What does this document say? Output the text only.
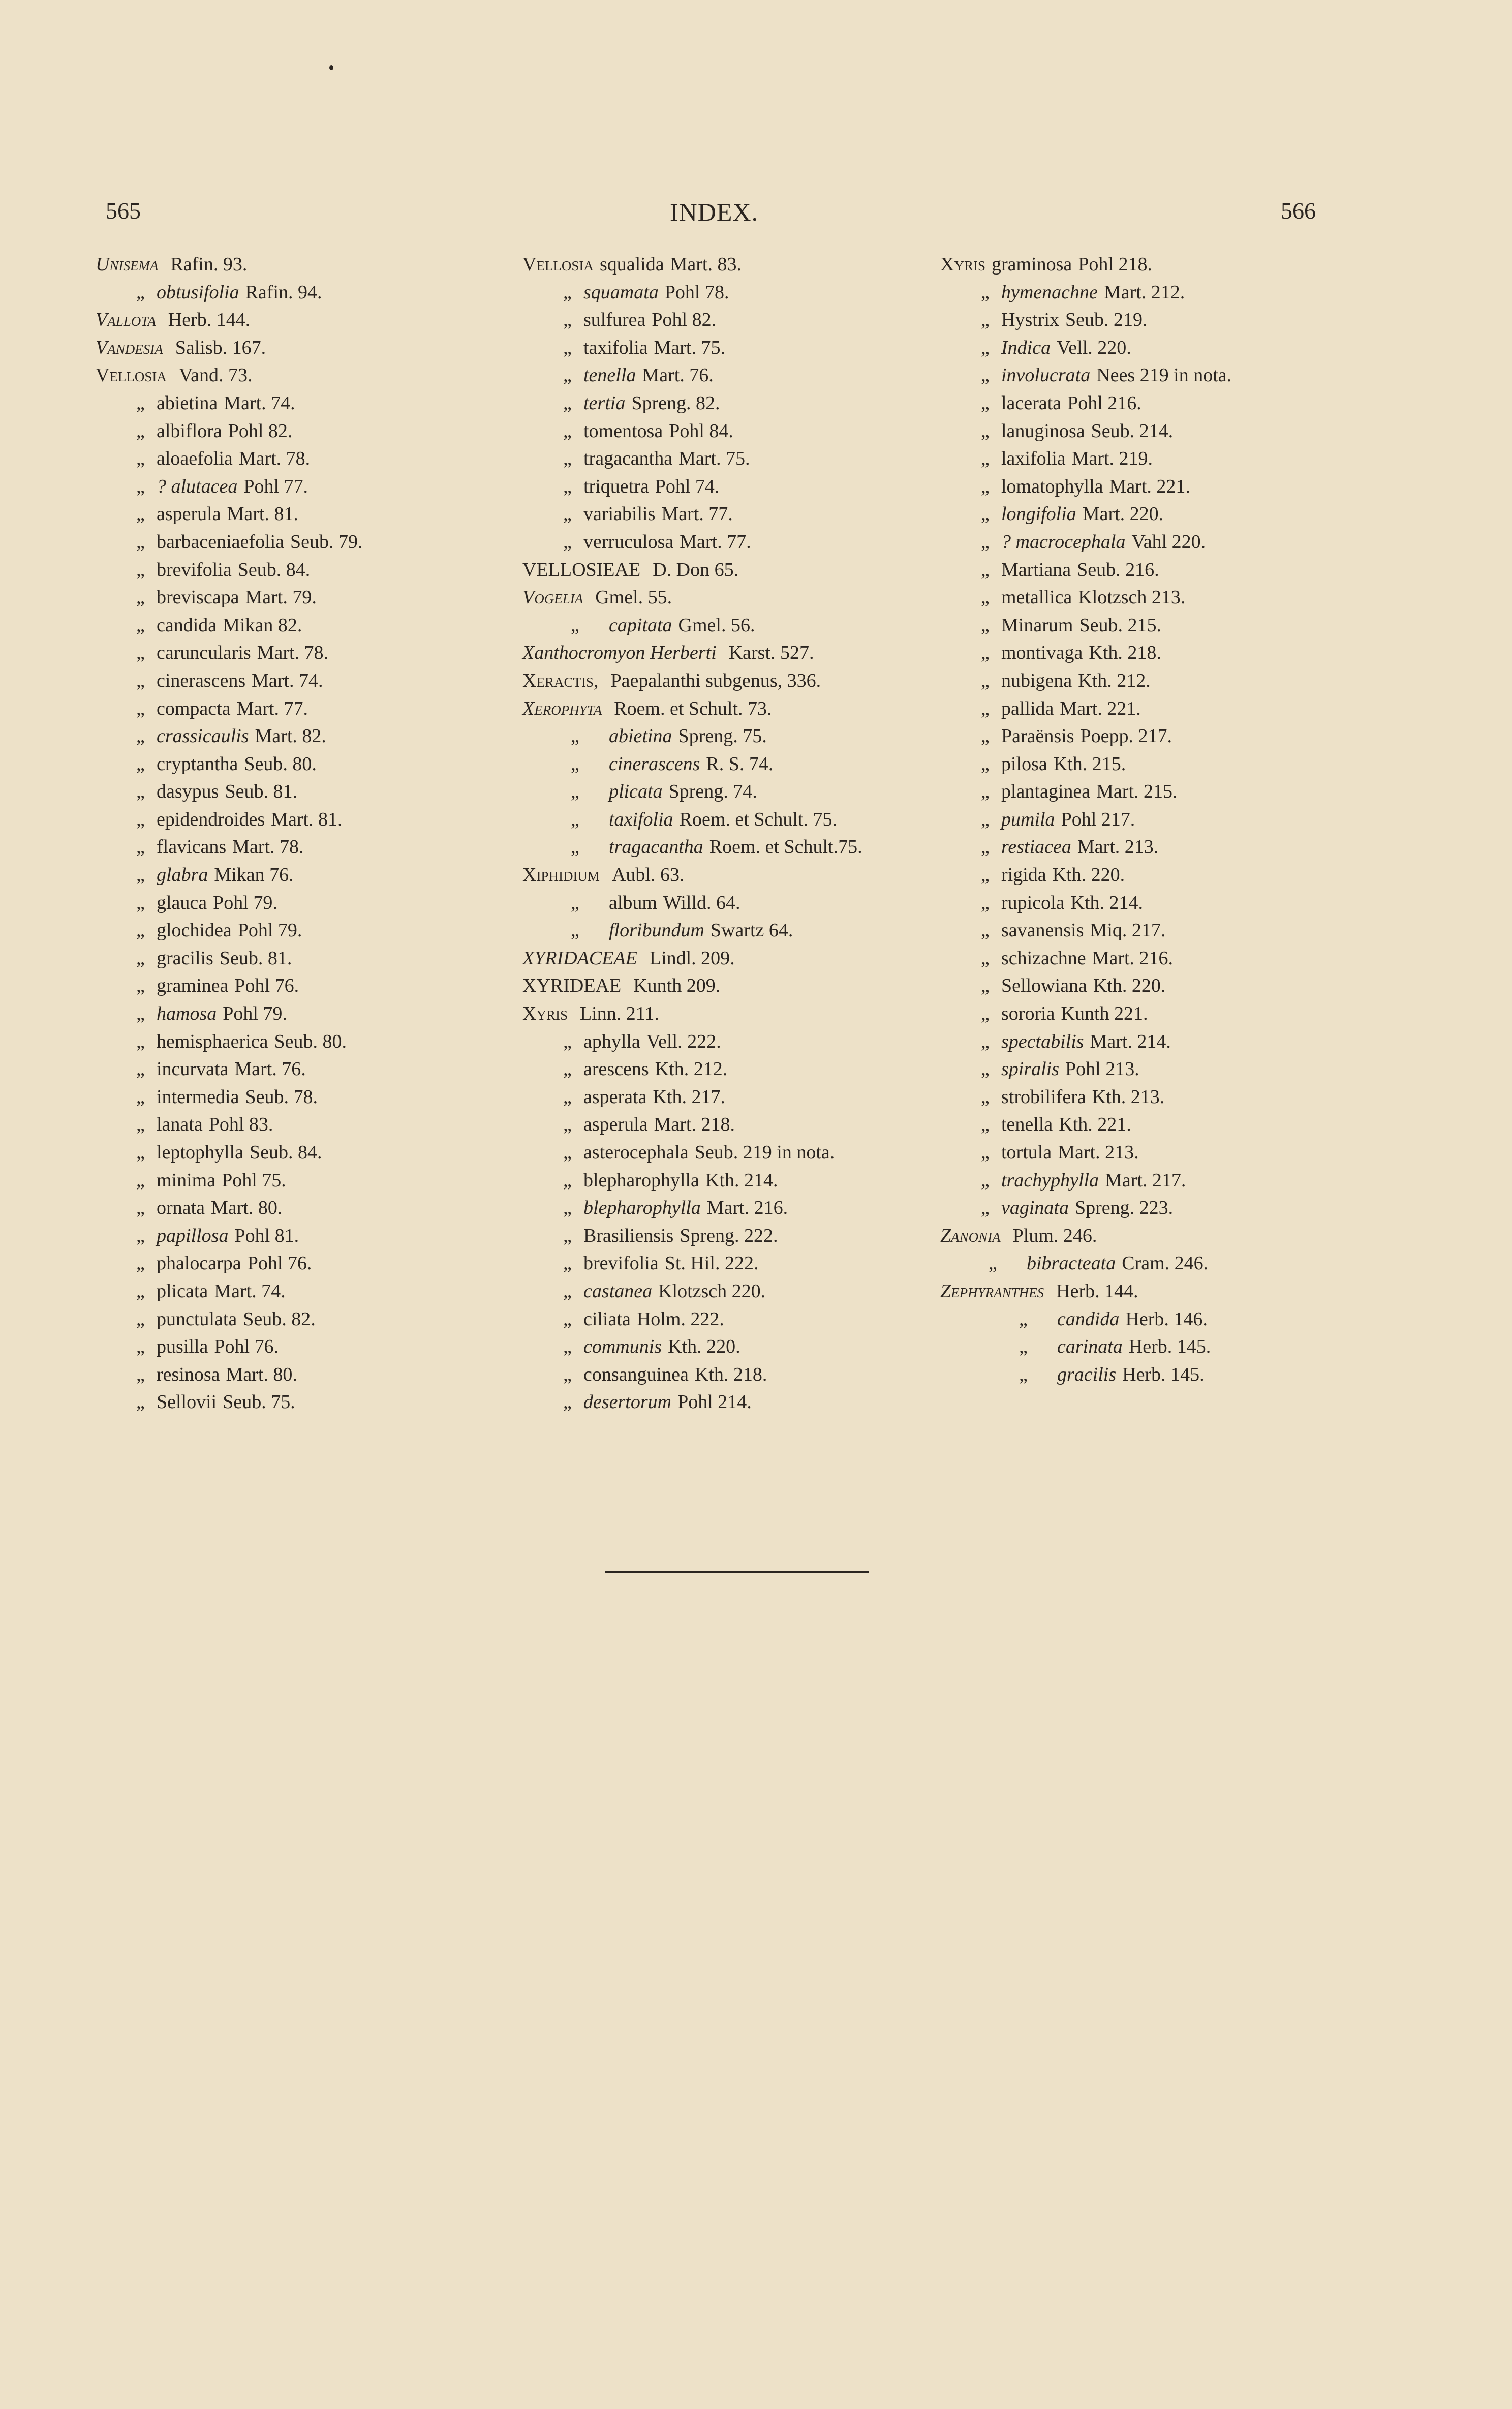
565	INDEX.	566
Unisema Rafin. 93.
„ obtusifolia Rafin. 94.
Vallota Herb. 144.
Vandesia Salisb. 167.
Vellosia Vand. 73.
„ abietina Mart. 74.
„ albiflora Pohl 82.
„ aloaefolia Mart. 78.
„ ? alutacea Pohl 77.
„ asperula Mart. 81.
„ barbaceniaefolia Seub. 79.
„ brevifolia Seub. 84.
„ breviscapa Mart. 79.
„ candida Mikan 82.
„ caruncularis Mart. 78.
„ cinerascens Mart. 74.
„ compacta Mart. 77.
„ crassicaulis Mart. 82.
„ cryptantha Seub. 80.
„ dasypus Seub. 81.
„ epidendroides Mart. 81.
„ flavicans Mart. 78.
„ glabra Mikan 76.
„ glauca Pohl 79.
„ glochidea Pohl 79.
„ gracilis Seub. 81.
„ graminea Pohl 76.
„ hamosa Pohl 79.
„ hemisphaerica Seub. 80.
„ incurvata Mart. 76.
„ intermedia Seub. 78.
„ lanata Pohl 83.
„ leptophylla Seub. 84.
„ minima Pohl 75.
„ ornata Mart. 80.
„ papillosa Pohl 81.
„ phalocarpa Pohl 76.
„ plicata Mart. 74.
„ punctulata Seub. 82.
„ pusilla Pohl 76.
„ resinosa Mart. 80.
„ Sellovii Seub. 75.
Vellosia squalida Mart. 83.
„ squamata Pohl 78.
„ sulfurea Pohl 82.
„ taxifolia Mart. 75.
„ tenella Mart. 76.
„ tertia Spreng. 82.
„ tomentosa Pohl 84.
„ tragacantha Mart. 75.
„ triquetra Pohl 74.
„ variabilis Mart. 77.
„ verruculosa Mart. 77.
VELLOSIEAE D. Don 65.
Vogelia Gmel. 55.
„	capitata Gmel. 56.
Xanthocromyon Herberti Karst. 527.
Xeractis, Paepalanthi subgenus, 336.
Xerophyta Roem. et Schult. 73.
„	abietina Spreng. 75.
„	cinerascens R. S. 74.
„	plicata Spreng. 74.
„	taxifolia Roem. et Schult. 75.
„	tragacantha Roem. et Schult.75.
Xiphidium Aubl. 63.
„	album Willd. 64.
„	floribundum Swartz 64.
XYRIDACEAE Lindl. 209.
XYRIDEAE Kunth 209.
Xyris Linn. 211.
„ aphylla Vell. 222.
„ arescens Kth. 212.
„ asperata Kth. 217.
„ asperula Mart. 218.
„ asterocephala Seub. 219 in nota.
„ blepharophylla Kth. 214.
„ blepharophylla Mart. 216.
„ Brasiliensis Spreng. 222.
„ brevifolia St. Hil. 222.
„ castanea Klotzsch 220.
„ ciliata Holm. 222.
„ communis Kth. 220.
„ consanguinea Kth. 218.
„ desertorum Pohl 214.
Xyris graminosa Pohl 218.
„ hymenachne Mart. 212.
„ Hystrix Seub. 219.
„ Indica Vell. 220.
„ involucrata Nees 219 in nota.
„ lacerata Pohl 216.
„ lanuginosa Seub. 214.
„ laxifolia Mart. 219.
„ lomatophylla Mart. 221.
„ longifolia Mart. 220.
„ ? macrocephala Vahl 220.
„ Martiana Seub. 216.
„ metallica Klotzsch 213.
„ Minarum Seub. 215.
„ montivaga Kth. 218.
„ nubigena Kth. 212.
„ pallida Mart. 221.
„ Paraënsis Poepp. 217.
„ pilosa Kth. 215.
„ plantaginea Mart. 215.
„ pumila Pohl 217.
„ restiacea Mart. 213.
„ rigida Kth. 220.
„ rupicola Kth. 214.
„ savanensis Miq. 217.
„ schizachne Mart. 216.
„ Sellowiana Kth. 220.
„ sororia Kunth 221.
„ spectabilis Mart. 214.
„ spiralis Pohl 213.
„ strobilifera Kth. 213.
„ tenella Kth. 221.
„ tortula Mart. 213.
„ trachyphylla Mart. 217.
„ vaginata Spreng. 223.
Zanonia Plum. 246.
„	bibracteata Cram. 246.
Zephyranthes Herb. 144.
„	candida Herb. 146.
„	carinata Herb. 145.
„	gracilis Herb. 145.
